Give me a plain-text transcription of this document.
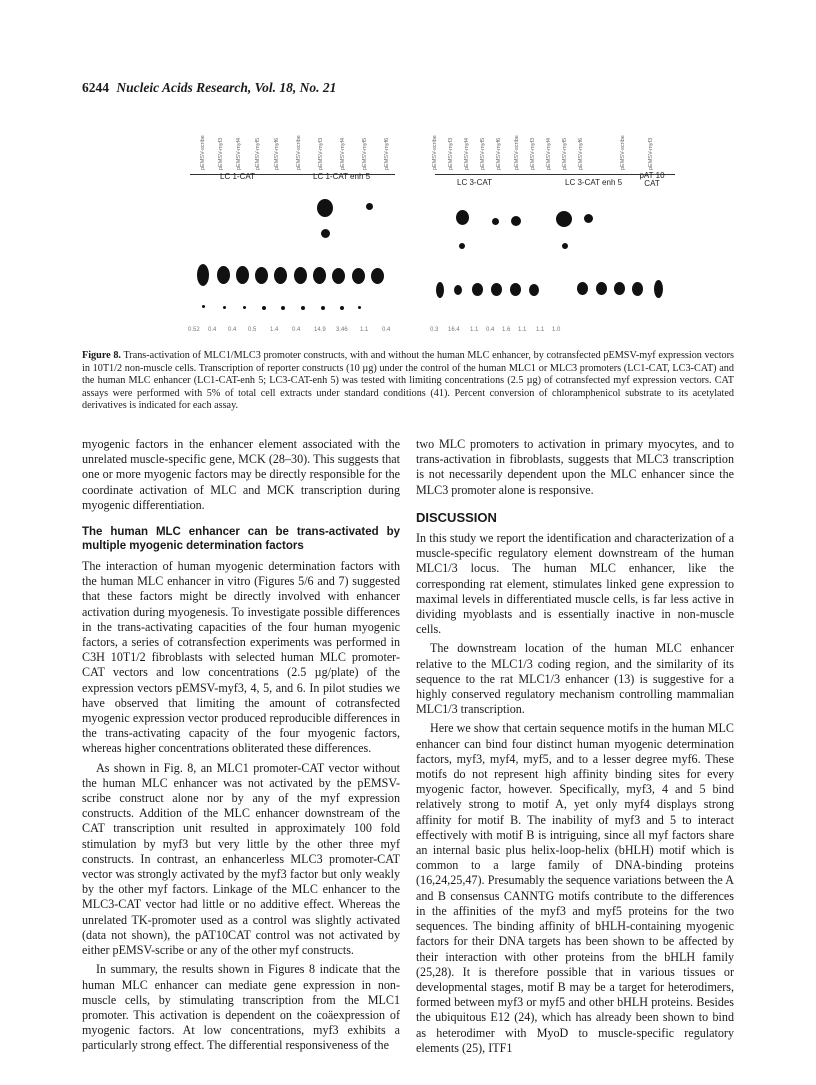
6244 Nucleic Acids Research, Vol. 18, No. 21
LC 1-CAT	LC 1-CAT enh 5
LC 3-CAT	LC 3-CAT enh 5
pAT 10 CAT
pEMSV-scribe pEMSV-myf3 pEMSV-myf4 pEMSV-myf5 pEMSV-myf6	pEMSV-scribe	pEMSV-myf3	pEMSV-myf4	pEMSV-myf5	pEMSV-myf6	pEMSV-scribe pEMSV-myf3 pEMSV-myf4 pEMSV-myf5 pEMSV-myf6 pEMSV-scribe pEMSV-myf3 pEMSV-myf4 pEMSV-myf5 pEMSV-myf6	pEMSV-scribe	pEMSV-myf3
0.52 0.4 0.4 0.5 1.4 0.4 14.9 3.46 1.1 0.4	0.3 16.4 1.1 0.4 1.6 1.1 1.1 1.0
Figure 8. Trans-activation of MLC1/MLC3 promoter constructs, with and without the human MLC enhancer, by cotransfected pEMSV-myf expression vectors in 10T1/2 non-muscle cells. Transcription of reporter constructs (10 µg) under the control of the human MLC1 or MLC3 promoters (LC1-CAT, LC3-CAT) and the human MLC enhancer (LC1-CAT-enh 5; LC3-CAT-enh 5) was tested with limiting concentrations (2.5 µg) of cotransfected myf expression vectors. CAT assays were performed with 5% of total cell extracts under standard conditions (41). Percent conversion of chloramphenicol substrate to its acetylated derivatives is indicated for each assay.

myogenic factors in the enhancer element associated with the unrelated muscle-specific gene, MCK (28–30). This suggests that one or more myogenic factors may be directly responsible for the coordinate activation of MLC and MCK transcription during myogenic differentiation.

The human MLC enhancer can be trans-activated by multiple myogenic determination factors

The interaction of human myogenic determination factors with the human MLC enhancer in vitro (Figures 5/6 and 7) suggested that these factors might be directly involved with enhancer activation during myogenesis. To investigate possible differences in the trans-activating capacities of the four human myogenic factors, a series of cotransfection experiments was performed in C3H 10T1/2 fibroblasts with selected human MLC promoter-CAT vectors and low concentrations (2.5 µg/plate) of the expression vectors pEMSV-myf3, 4, 5, and 6. In pilot studies we have observed that limiting the amount of cotransfected myogenic expression vector produced reproducible differences in the trans-activating capacity of the four myogenic factors, whereas higher concentrations obliterated these differences.

As shown in Fig. 8, an MLC1 promoter-CAT vector without the human MLC enhancer was not activated by the pEMSV-scribe construct alone nor by any of the myf expression constructs. Addition of the MLC enhancer downstream of the CAT transcription unit resulted in approximately 100 fold stimulation by myf3 but very little by the other three myf constructs. In contrast, an enhancerless MLC3 promoter-CAT vector was strongly activated by the myf3 factor but only weakly by the other myf factors. Linkage of the MLC enhancer to the MLC3-CAT vector had little or no additive effect. Whereas the unrelated TK-promoter used as a control was slightly activated (data not shown), the pAT10CAT control was not activated by either pEMSV-scribe or any of the other myf constructs.

In summary, the results shown in Figures 8 indicate that the human MLC enhancer can mediate gene expression in non-muscle cells, by stimulating transcription from the MLC1 promoter. This activation is dependent on the coäexpression of myogenic factors. At low concentrations, myf3 exhibits a particularly strong effect. The differential responsiveness of the

two MLC promoters to activation in primary myocytes, and to trans-activation in fibroblasts, suggests that MLC3 transcription is not necessarily dependent upon the MLC enhancer since the MLC3 promoter alone is responsive.

DISCUSSION

In this study we report the identification and characterization of a muscle-specific regulatory element downstream of the human MLC1/3 locus. The human MLC enhancer, like the corresponding rat element, stimulates linked gene expression to maximal levels in differentiated muscle cells, is far less active in dividing myoblasts and is essentially inactive in non-muscle cells.

The downstream location of the human MLC enhancer relative to the MLC1/3 coding region, and the similarity of its sequence to the rat MLC1/3 enhancer (13) is suggestive for a highly conserved regulatory mechanism controlling mammalian MLC1/3 transcription.

Here we show that certain sequence motifs in the human MLC enhancer can bind four distinct human myogenic determination factors, myf3, myf4, myf5, and to a lesser degree myf6. These motifs do not represent high affinity binding sites for every myogenic factor, however. Specifically, myf3, 4 and 5 bind relatively strong to motif A, yet only myf4 displays strong affinity for motif B. The inability of myf3 and 5 to interact effectively with motif B is intriguing, since all myf factors share an internal basic plus helix-loop-helix (bHLH) motif which is common to a large family of DNA-binding proteins (16,24,25,47). Presumably the sequence variations between the A and B consensus CANNTG motifs contribute to the differences in the affinities of the myf3 and myf5 proteins for the two sequences. The binding affinity of bHLH-containing myogenic factors for their DNA targets has been shown to be affected by their interaction with other proteins from the bHLH family (25,28). It is therefore possible that in various tissues or developmental stages, motif B may be a target for heterodimers, formed between myf3 or myf5 and other bHLH proteins. Besides the ubiquitous E12 (24), which has already been shown to bind as heterodimer with MyoD to muscle-specific regulatory elements (25), ITF1
